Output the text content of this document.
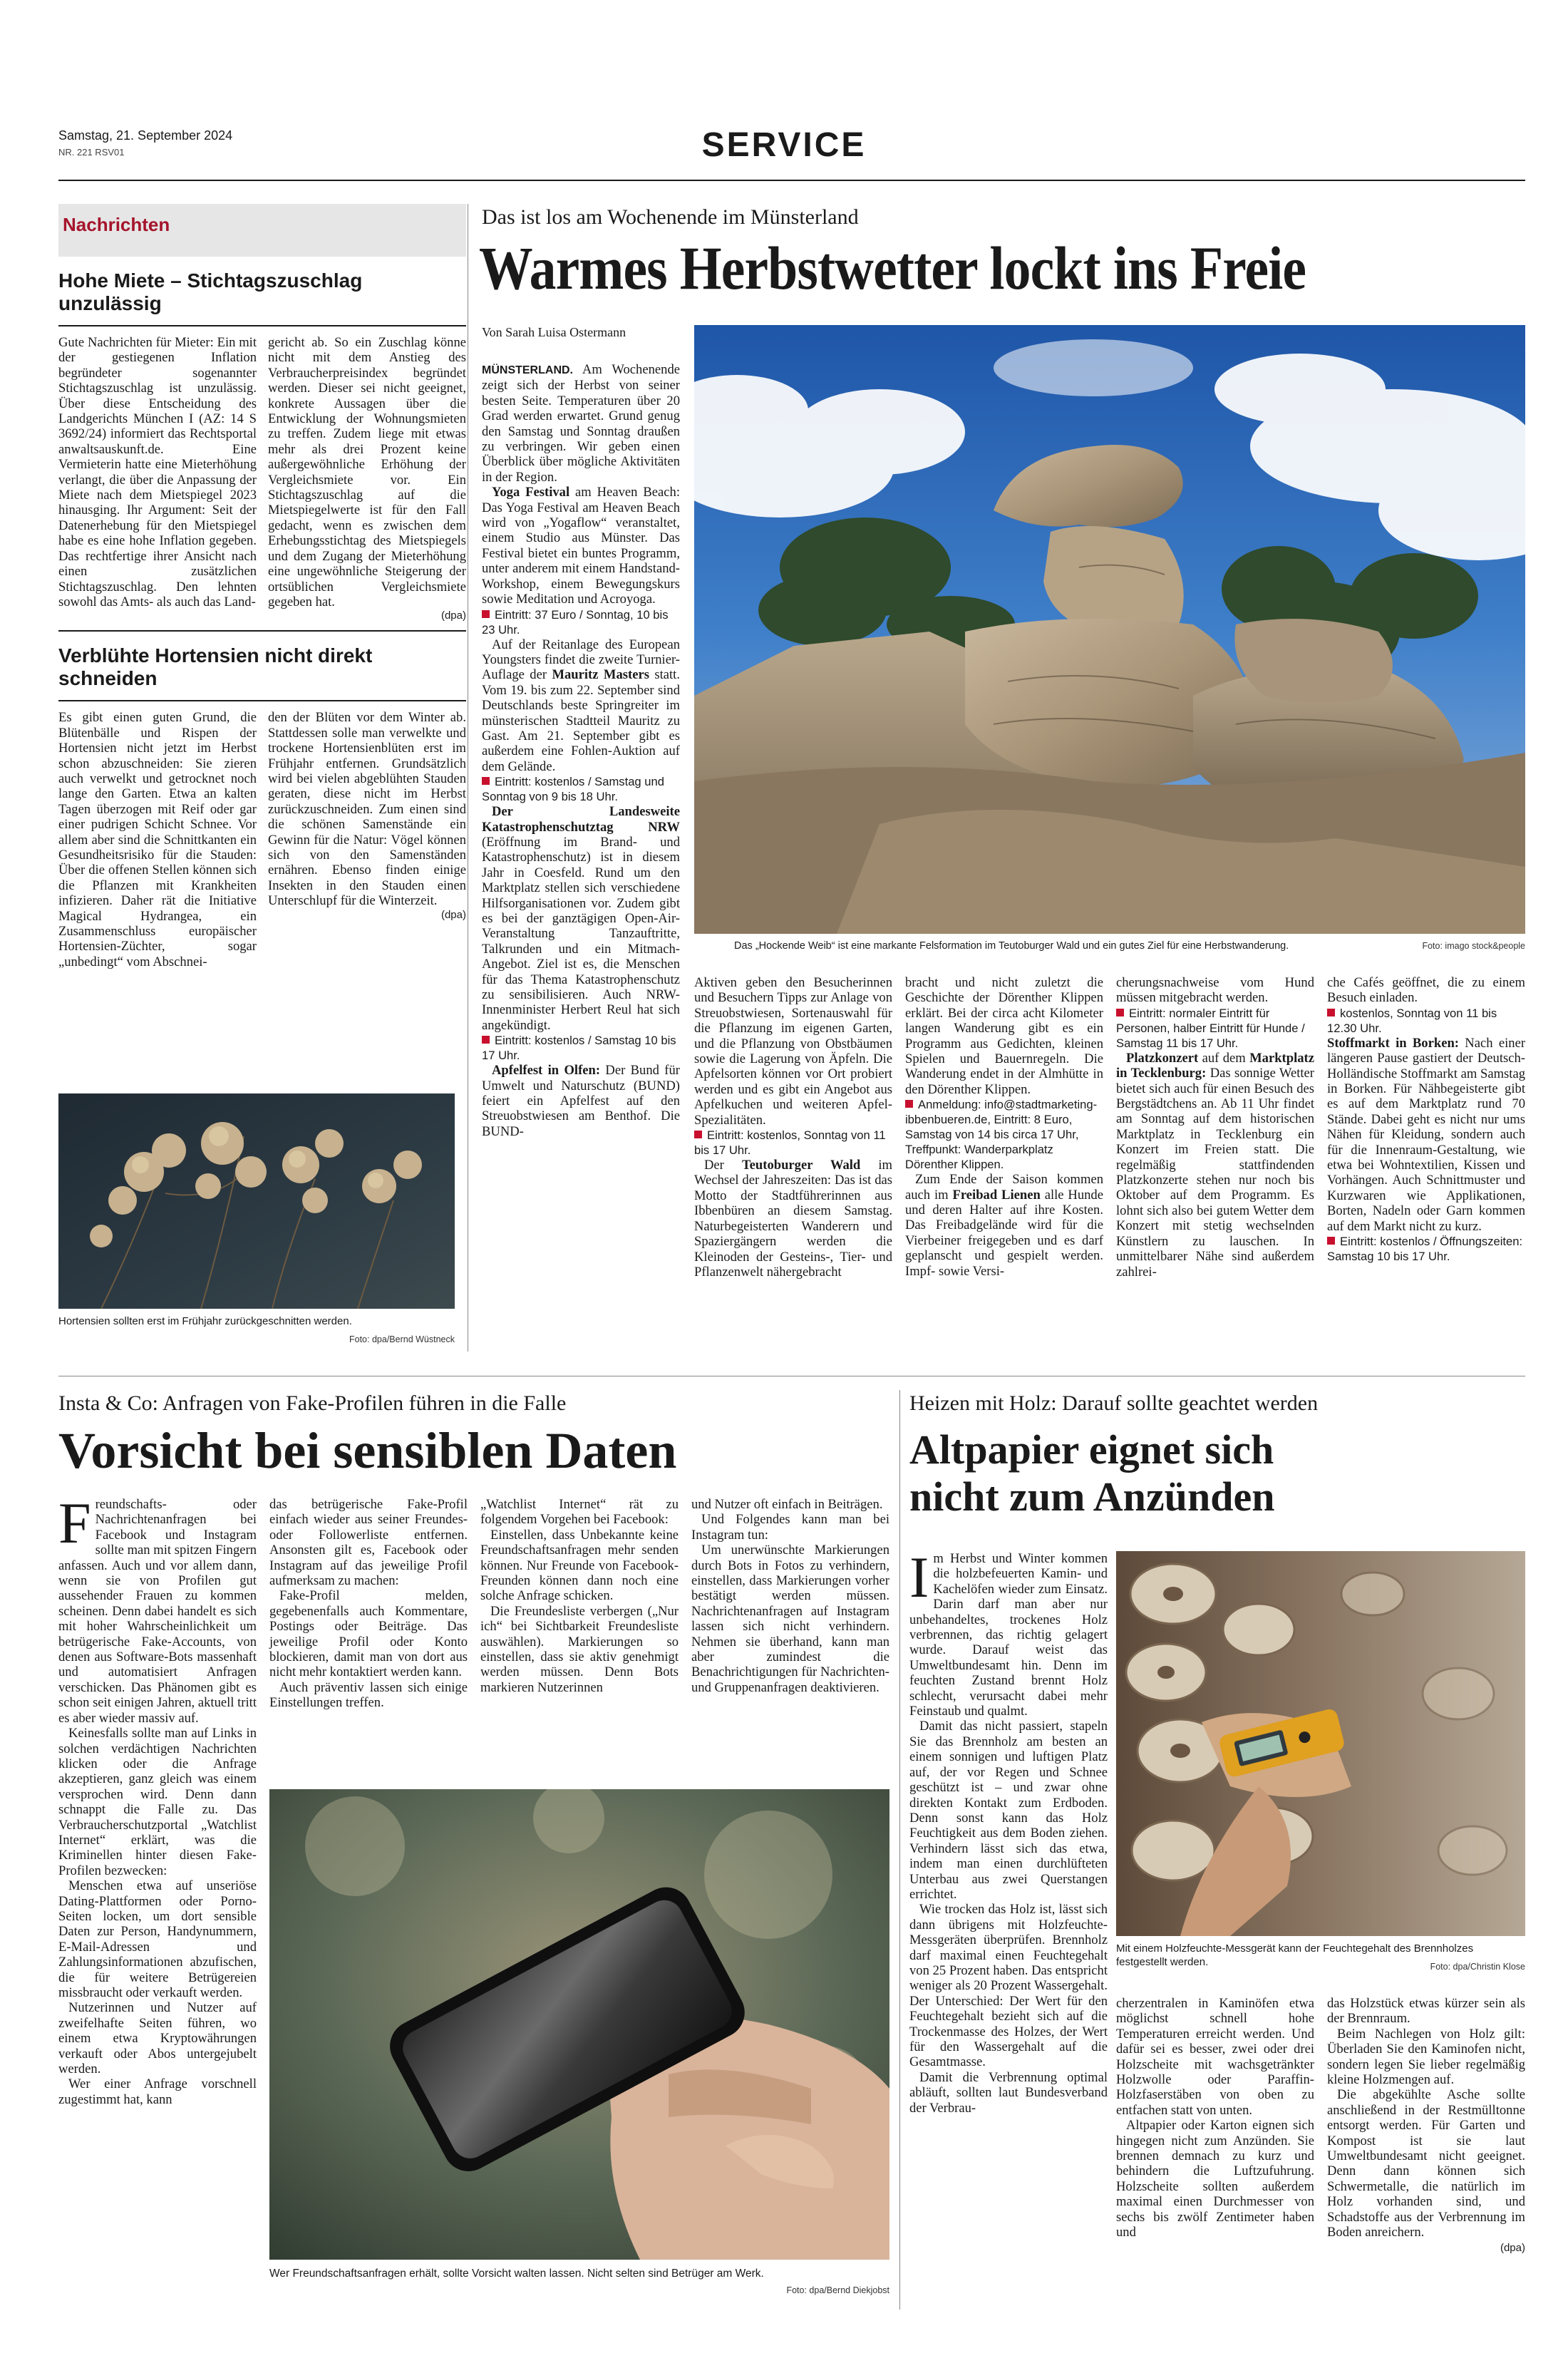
Samstag, 21. September 2024
NR. 221 RSV01	SERVICE
Nachrichten
Hohe Miete – Stichtagszuschlag unzulässig
Gute Nachrichten für Mieter: Ein mit der gestiegenen Inflation begründeter sogenannter Stichtagszuschlag ist unzulässig. Über diese Entscheidung des Landgerichts München I (AZ: 14 S 3692/24) informiert das Rechtsportal anwaltsauskunft.de. Eine Vermieterin hatte eine Mieterhöhung verlangt, die über die Anpassung der Miete nach dem Mietspiegel 2023 hinausging. Ihr Argument: Seit der Datenerhebung für den Mietspiegel habe es eine hohe Inflation gegeben. Das rechtfertige ihrer Ansicht nach einen zusätzlichen Stichtagszuschlag. Den lehnten sowohl das Amts- als auch das Land-
gericht ab. So ein Zuschlag könne nicht mit dem Anstieg des Verbraucherpreisindex begründet werden. Dieser sei nicht geeignet, konkrete Aussagen über die Entwicklung der Wohnungsmieten zu treffen. Zudem liege mit etwas mehr als drei Prozent keine außergewöhnliche Erhöhung der Vergleichsmiete vor. Ein Stichtagszuschlag auf die Mietspiegelwerte ist für den Fall gedacht, wenn es zwischen dem Erhebungsstichtag des Mietspiegels und dem Zugang der Mieterhöhung eine ungewöhnliche Steigerung der ortsüblichen Vergleichsmiete gegeben hat.
(dpa)
Verblühte Hortensien nicht direkt schneiden
Es gibt einen guten Grund, die Blütenbälle und Rispen der Hortensien nicht jetzt im Herbst schon abzuschneiden: Sie zieren auch verwelkt und getrocknet noch lange den Garten. Etwa an kalten Tagen überzogen mit Reif oder gar einer pudrigen Schicht Schnee. Vor allem aber sind die Schnittkanten ein Gesundheitsrisiko für die Stauden: Über die offenen Stellen können sich die Pflanzen mit Krankheiten infizieren. Daher rät die Initiative Magical Hydrangea, ein Zusammenschluss europäischer Hortensien-Züchter, sogar „unbedingt“ vom Abschnei-
den der Blüten vor dem Winter ab. Stattdessen solle man verwelkte und trockene Hortensienblüten erst im Frühjahr entfernen. Grundsätzlich wird bei vielen abgeblühten Stauden geraten, diese nicht im Herbst zurückzuschneiden. Zum einen sind die schönen Samenstände ein Gewinn für die Natur: Vögel können sich von den Samenständen ernähren. Ebenso finden einige Insekten in den Stauden einen Unterschlupf für die Winterzeit.
(dpa)
Hortensien sollten erst im Frühjahr zurückgeschnitten werden.
Foto: dpa/Bernd Wüstneck
Das ist los am Wochenende im Münsterland
Warmes Herbstwetter lockt ins Freie
Von Sarah Luisa Ostermann

MÜNSTERLAND. Am Wochenende zeigt sich der Herbst von seiner besten Seite. Temperaturen über 20 Grad werden erwartet. Grund genug den Samstag und Sonntag draußen zu verbringen. Wir geben einen Überblick über mögliche Aktivitäten in der Region.

Yoga Festival am Heaven Beach: Das Yoga Festival am Heaven Beach wird von „Yogaflow“ veranstaltet, einem Studio aus Münster. Das Festival bietet ein buntes Programm, unter anderem mit einem Handstand-Workshop, einem Bewegungskurs sowie Meditation und Acroyoga.

Eintritt: 37 Euro / Sonntag, 10 bis 23 Uhr.

Auf der Reitanlage des European Youngsters findet die zweite Turnier-Auflage der Mauritz Masters statt. Vom 19. bis zum 22. September sind Deutschlands beste Springreiter im münsterischen Stadtteil Mauritz zu Gast. Am 21. September gibt es außerdem eine Fohlen-Auktion auf dem Gelände.

Eintritt: kostenlos / Samstag und Sonntag von 9 bis 18 Uhr.

Der Landesweite Katastrophenschutztag NRW (Eröffnung im Brand- und Katastrophenschutz) ist in diesem Jahr in Coesfeld. Rund um den Marktplatz stellen sich verschiedene Hilfsorganisationen vor. Zudem gibt es bei der ganztägigen Open-Air-Veranstaltung Tanzauftritte, Talkrunden und ein Mitmach-Angebot. Ziel ist es, die Menschen für das Thema Katastrophenschutz zu sensibilisieren. Auch NRW-Innenminister Herbert Reul hat sich angekündigt.

Eintritt: kostenlos / Samstag 10 bis 17 Uhr.

Apfelfest in Olfen: Der Bund für Umwelt und Naturschutz (BUND) feiert ein Apfelfest auf den Streuobstwiesen am Benthof. Die BUND-

Das „Hockende Weib“ ist eine markante Felsformation im Teutoburger Wald und ein gutes Ziel für eine Herbstwanderung.	Foto: imago stock&people

Aktiven geben den Besucherinnen und Besuchern Tipps zur Anlage von Streuobstwiesen, Sortenauswahl für die Pflanzung im eigenen Garten, und die Pflanzung von Obstbäumen sowie die Lagerung von Äpfeln. Die Apfelsorten können vor Ort probiert werden und es gibt ein Angebot aus Apfelkuchen und weiteren Apfel-Spezialitäten.

Eintritt: kostenlos, Sonntag von 11 bis 17 Uhr.

Der Teutoburger Wald im Wechsel der Jahreszeiten: Das ist das Motto der Stadtführerinnen aus Ibbenbüren an diesem Samstag. Naturbegeisterten Wanderern und Spaziergängern werden die Kleinoden der Gesteins-, Tier- und Pflanzenwelt nähergebracht

bracht und nicht zuletzt die Geschichte der Dörenther Klippen erklärt. Bei der circa acht Kilometer langen Wanderung gibt es ein Programm aus Gedichten, kleinen Spielen und Bauernregeln. Die Wanderung endet in der Almhütte in den Dörenther Klippen.

Anmeldung: info@stadtmarketing-ibbenbueren.de, Eintritt: 8 Euro, Samstag von 14 bis circa 17 Uhr, Treffpunkt: Wanderparkplatz Dörenther Klippen.

Zum Ende der Saison kommen auch im Freibad Lienen alle Hunde und deren Halter auf ihre Kosten. Das Freibadgelände wird für die Vierbeiner freigegeben und es darf geplanscht und gespielt werden. Impf- sowie Versi-

cherungsnachweise vom Hund müssen mitgebracht werden.

Eintritt: normaler Eintritt für Personen, halber Eintritt für Hunde / Samstag 11 bis 17 Uhr.

Platzkonzert auf dem Marktplatz in Tecklenburg: Das sonnige Wetter bietet sich auch für einen Besuch des Bergstädtchens an. Ab 11 Uhr findet am Sonntag auf dem historischen Marktplatz in Tecklenburg ein Konzert im Freien statt. Die regelmäßig stattfindenden Platzkonzerte stehen nur noch bis Oktober auf dem Programm. Es lohnt sich also bei gutem Wetter dem Konzert mit stetig wechselnden Künstlern zu lauschen. In unmittelbarer Nähe sind außerdem zahlrei-

che Cafés geöffnet, die zu einem Besuch einladen.

kostenlos, Sonntag von 11 bis 12.30 Uhr.

Stoffmarkt in Borken: Nach einer längeren Pause gastiert der Deutsch-Holländische Stoffmarkt am Samstag in Borken. Für Nähbegeisterte gibt es auf dem Marktplatz rund 70 Stände. Dabei geht es nicht nur ums Nähen für Kleidung, sondern auch für die Innenraum-Gestaltung, wie etwa bei Wohntextilien, Kissen und Vorhängen. Auch Schnittmuster und Kurzwaren wie Applikationen, Borten, Nadeln oder Garn kommen auf dem Markt nicht zu kurz.

Eintritt: kostenlos / Öffnungszeiten: Samstag 10 bis 17 Uhr.

Insta & Co: Anfragen von Fake-Profilen führen in die Falle
Vorsicht bei sensiblen Daten

Freundschafts- oder Nachrichtenanfragen bei Facebook und Instagram sollte man mit spitzen Fingern anfassen. Auch und vor allem dann, wenn sie von Profilen gut aussehender Frauen zu kommen scheinen. Denn dabei handelt es sich mit hoher Wahrscheinlichkeit um betrügerische Fake-Accounts, von denen aus Software-Bots massenhaft und automatisiert Anfragen verschicken. Das Phänomen gibt es schon seit einigen Jahren, aktuell tritt es aber wieder massiv auf.

Keinesfalls sollte man auf Links in solchen verdächtigen Nachrichten klicken oder die Anfrage akzeptieren, ganz gleich was einem versprochen wird. Denn dann schnappt die Falle zu. Das Verbraucherschutzportal „Watchlist Internet“ erklärt, was die Kriminellen hinter diesen Fake-Profilen bezwecken:

Menschen etwa auf unseriöse Dating-Plattformen oder Porno-Seiten locken, um dort sensible Daten zur Person, Handynummern, E-Mail-Adressen und Zahlungsinformationen abzufischen, die für weitere Betrügereien missbraucht oder verkauft werden.

Nutzerinnen und Nutzer auf zweifelhafte Seiten führen, wo einem etwa Kryptowährungen verkauft oder Abos untergejubelt werden.

Wer einer Anfrage vorschnell zugestimmt hat, kann

das betrügerische Fake-Profil einfach wieder aus seiner Freundes- oder Followerliste entfernen. Ansonsten gilt es, Facebook oder Instagram auf das jeweilige Profil aufmerksam zu machen:

Fake-Profil melden, gegebenenfalls auch Kommentare, Postings oder Beiträge. Das jeweilige Profil oder Konto blockieren, damit man von dort aus nicht mehr kontaktiert werden kann.

Auch präventiv lassen sich einige Einstellungen treffen.

„Watchlist Internet“ rät zu folgendem Vorgehen bei Facebook:

Einstellen, dass Unbekannte keine Freundschaftsanfragen mehr senden können. Nur Freunde von Facebook-Freunden können dann noch eine solche Anfrage schicken.

Die Freundesliste verbergen („Nur ich“ bei Sichtbarkeit Freundesliste auswählen). Markierungen so einstellen, dass sie aktiv genehmigt werden müssen. Denn Bots markieren Nutzerinnen

und Nutzer oft einfach in Beiträgen.

Und Folgendes kann man bei Instagram tun:

Um unerwünschte Markierungen durch Bots in Fotos zu verhindern, einstellen, dass Markierungen vorher bestätigt werden müssen. Nachrichtenanfragen auf Instagram lassen sich nicht verhindern. Nehmen sie überhand, kann man aber zumindest die Benachrichtigungen für Nachrichten- und Gruppenanfragen deaktivieren.

Wer Freundschaftsanfragen erhält, sollte Vorsicht walten lassen. Nicht selten sind Betrüger am Werk.
Foto: dpa/Bernd Diekjobst
Heizen mit Holz: Darauf sollte geachtet werden
Altpapier eignet sich
nicht zum Anzünden

Im Herbst und Winter kommen die holzbefeuerten Kamin- und Kachelöfen wieder zum Einsatz. Darin darf man aber nur unbehandeltes, trockenes Holz verbrennen, das richtig gelagert wurde. Darauf weist das Umweltbundesamt hin. Denn im feuchten Zustand brennt Holz schlecht, verursacht dabei mehr Feinstaub und qualmt.

Damit das nicht passiert, stapeln Sie das Brennholz am besten an einem sonnigen und luftigen Platz auf, der vor Regen und Schnee geschützt ist – und zwar ohne direkten Kontakt zum Erdboden. Denn sonst kann das Holz Feuchtigkeit aus dem Boden ziehen. Verhindern lässt sich das etwa, indem man einen durchlüfteten Unterbau aus zwei Querstangen errichtet.

Wie trocken das Holz ist, lässt sich dann übrigens mit Holzfeuchte-Messgeräten überprüfen. Brennholz darf maximal einen Feuchtegehalt von 25 Prozent haben. Das entspricht weniger als 20 Prozent Wassergehalt. Der Unterschied: Der Wert für den Feuchtegehalt bezieht sich auf die Trockenmasse des Holzes, der Wert für den Wassergehalt auf die Gesamtmasse.

Damit die Verbrennung optimal abläuft, sollten laut Bundesverband der Verbrau-

Mit einem Holzfeuchte-Messgerät kann der Feuchtegehalt des Brennholzes festgestellt werden.	Foto: dpa/Christin Klose

cherzentralen in Kaminöfen etwa möglichst schnell hohe Temperaturen erreicht werden. Und dafür sei es besser, zwei oder drei Holzscheite mit wachsgetränkter Holzwolle oder Paraffin-Holzfaserstäben von oben zu entfachen statt von unten.

Altpapier oder Karton eignen sich hingegen nicht zum Anzünden. Sie brennen demnach zu kurz und behindern die Luftzufuhrung. Holzscheite sollten außerdem maximal einen Durchmesser von sechs bis zwölf Zentimeter haben und

das Holzstück etwas kürzer sein als der Brennraum.

Beim Nachlegen von Holz gilt: Überladen Sie den Kaminofen nicht, sondern legen Sie lieber regelmäßig kleine Holzmengen auf.

Die abgekühlte Asche sollte anschließend in der Restmülltonne entsorgt werden. Für Garten und Kompost ist sie laut Umweltbundesamt nicht geeignet. Denn dann können sich Schwermetalle, die natürlich im Holz vorhanden sind, und Schadstoffe aus der Verbrennung im Boden anreichern.

(dpa)
